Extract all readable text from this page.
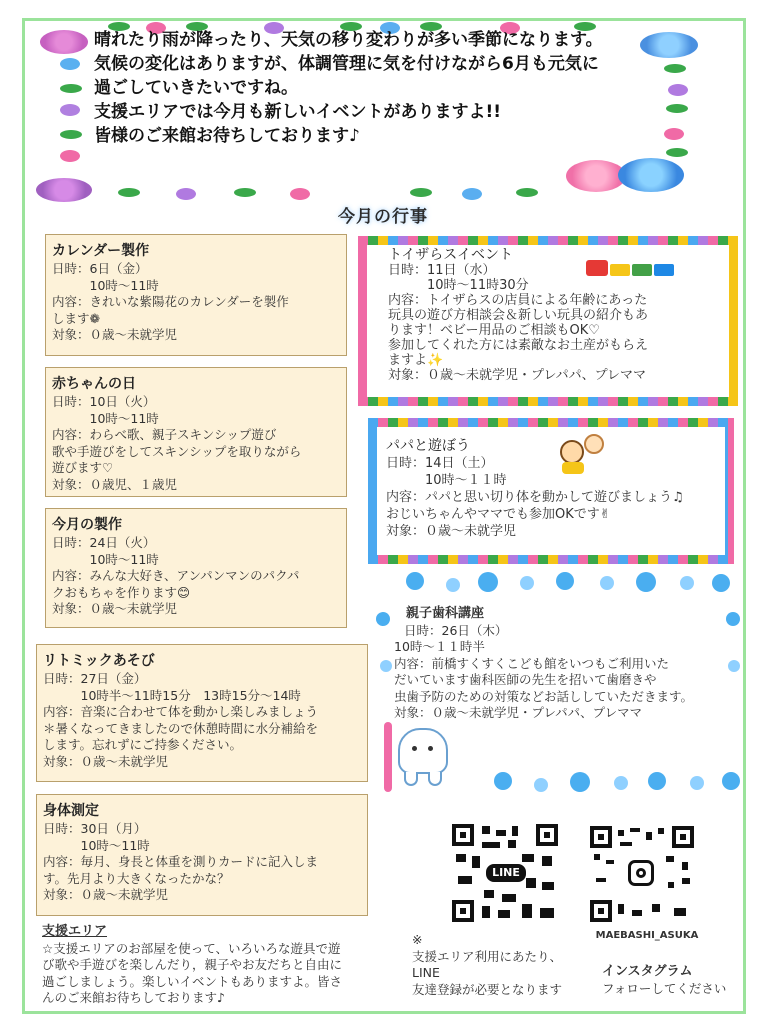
晴れたり雨が降ったり、天気の移り変わりが多い季節になります。
気候の変化はありますが、体調管理に気を付けながら6月も元気に
過ごしていきたいですね。
支援エリアでは今月も新しいイベントがありますよ!!
皆様のご来館お待ちしております♪
今月の行事
カレンダー製作
日時：6日（金）
　　　10時～11時
内容：きれいな紫陽花のカレンダーを製作
します❁
対象：０歳～未就学児
赤ちゃんの日
日時：10日（火）
　　　10時～11時
内容：わらべ歌、親子スキンシップ遊び
歌や手遊びをしてスキンシップを取りながら
遊びます♡
対象：０歳児、１歳児
今月の製作
日時：24日（火）
　　　10時～11時
内容：みんな大好き、アンパンマンのパクパ
クおもちゃを作ります😊
対象：０歳～未就学児
リトミックあそび
日時：27日（金）
　　　10時半～11時15分　13時15分～14時
内容：音楽に合わせて体を動かし楽しみましょう
＊暑くなってきましたので休憩時間に水分補給を
します。忘れずにご持参ください。
対象：０歳～未就学児
身体測定
日時：30日（月）
　　　10時～11時
内容：毎月、身長と体重を測りカードに記入しま
す。先月より大きくなったかな？
対象：０歳～未就学児
トイザらスイベント
日時：11日（水）
　　　10時～11時30分
内容：トイザらスの店員による年齢にあった
玩具の遊び方相談会＆新しい玩具の紹介もあ
ります！ベビー用品のご相談もOK♡
参加してくれた方には素敵なお土産がもらえ
ますよ✨
対象：０歳～未就学児・プレパパ、プレママ
パパと遊ぼう
日時：14日（土）
　　　10時～１１時
内容：パパと思い切り体を動かして遊びましょう♫
おじいちゃんやママでも参加OKです✌
対象：０歳～未就学児
親子歯科講座
日時：26日（木）
10時～１１時半
内容：前橋すくすくこども館をいつもご利用いた
だいています歯科医師の先生を招いて歯磨きや
虫歯予防のための対策などお話ししていただきます。
対象：０歳～未就学児・プレパパ、プレママ
LINE
MAEBASHI_ASUKA
支援エリア
☆支援エリアのお部屋を使って、いろいろな遊具で遊
び歌や手遊びを楽しんだり，親子やお友だちと自由に
過ごしましょう。楽しいイベントもありますよ。皆さ
んのご来館お待ちしております♪
※
支援エリア利用にあたり、
LINE
友達登録が必要となります
インスタグラム
フォローしてください
